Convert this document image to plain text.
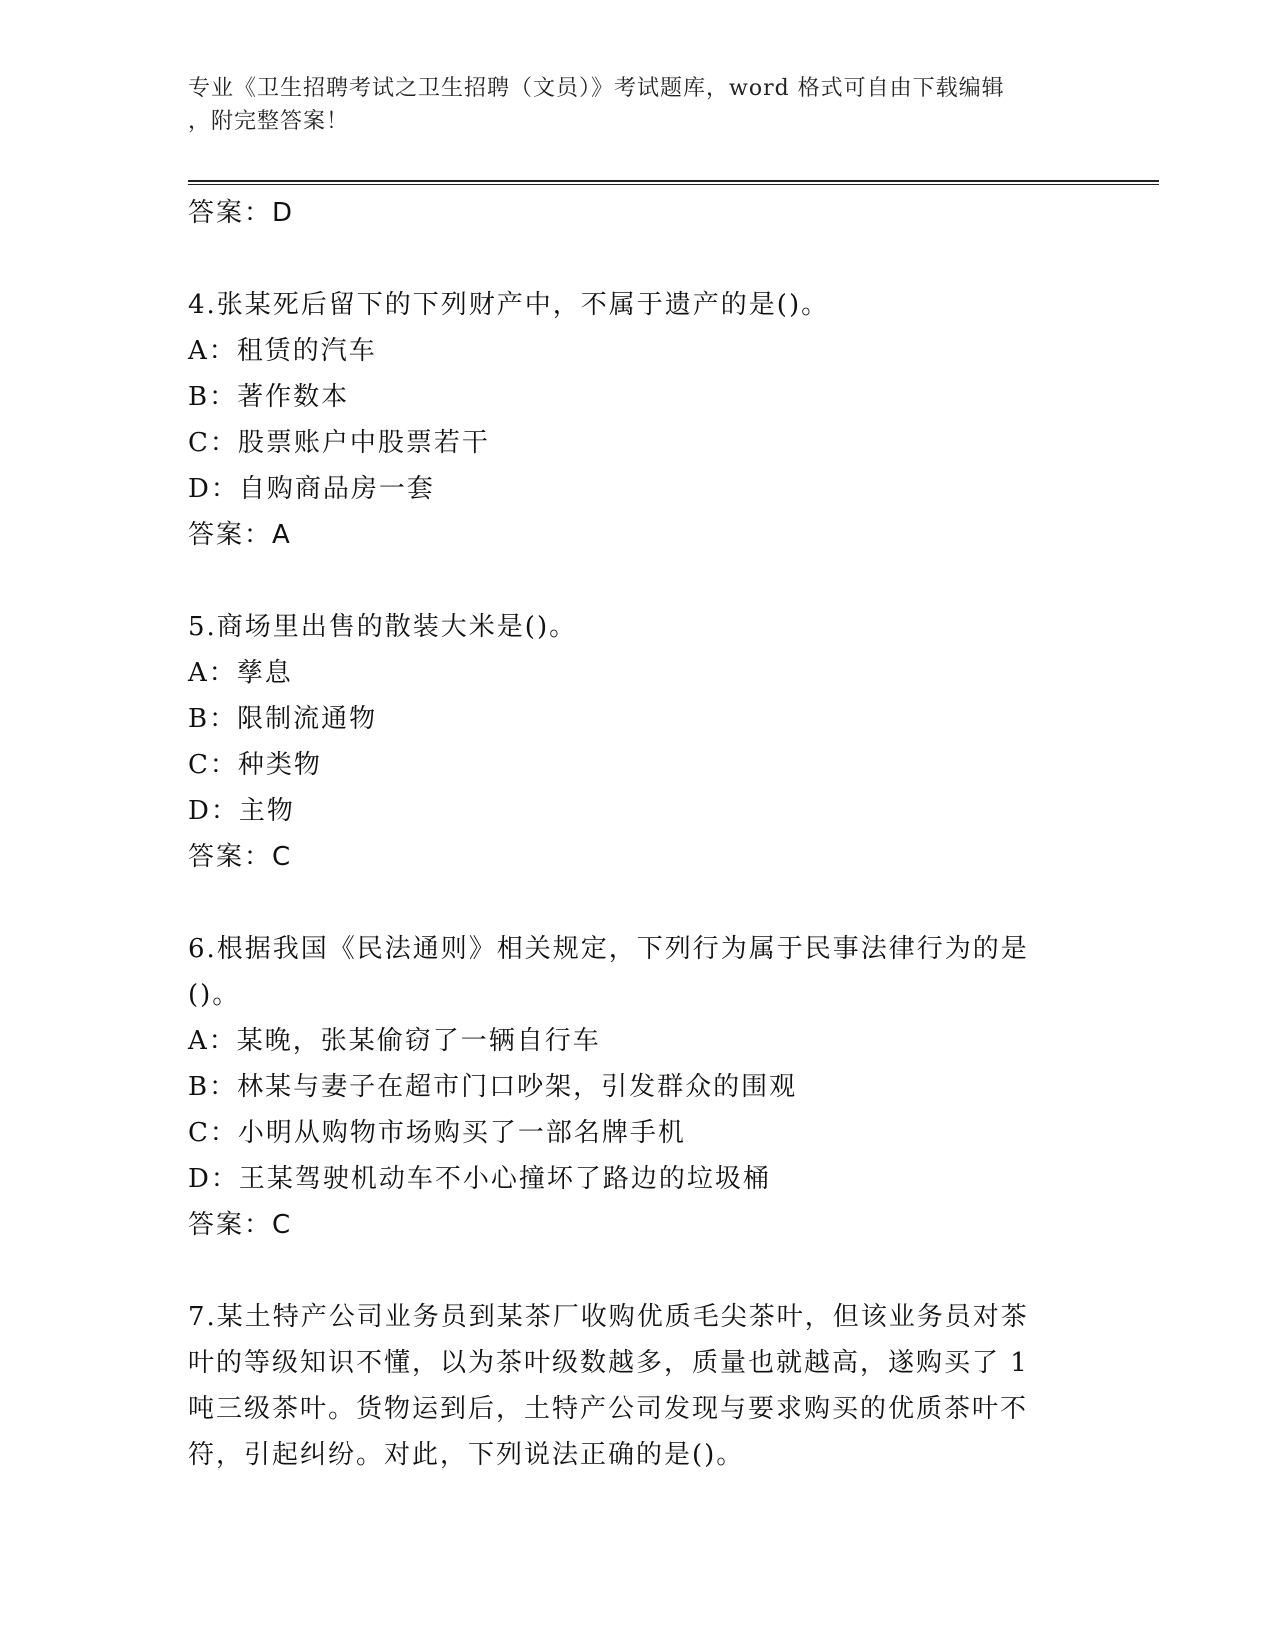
专业《卫生招聘考试之卫生招聘（文员）》考试题库，word 格式可自由下载编辑
，附完整答案！

答案：D

4.张某死后留下的下列财产中，不属于遗产的是()。

A：租赁的汽车

B：著作数本

C：股票账户中股票若干

D：自购商品房一套

答案：A

5.商场里出售的散装大米是()。

A：孳息

B：限制流通物

C：种类物

D：主物

答案：C

6.根据我国《民法通则》相关规定，下列行为属于民事法律行为的是

()。

A：某晚，张某偷窃了一辆自行车

B：林某与妻子在超市门口吵架，引发群众的围观

C：小明从购物市场购买了一部名牌手机

D：王某驾驶机动车不小心撞坏了路边的垃圾桶

答案：C

7.某土特产公司业务员到某茶厂收购优质毛尖茶叶，但该业务员对茶

叶的等级知识不懂，以为茶叶级数越多，质量也就越高，遂购买了 1

吨三级茶叶。货物运到后，土特产公司发现与要求购买的优质茶叶不

符，引起纠纷。对此，下列说法正确的是()。
